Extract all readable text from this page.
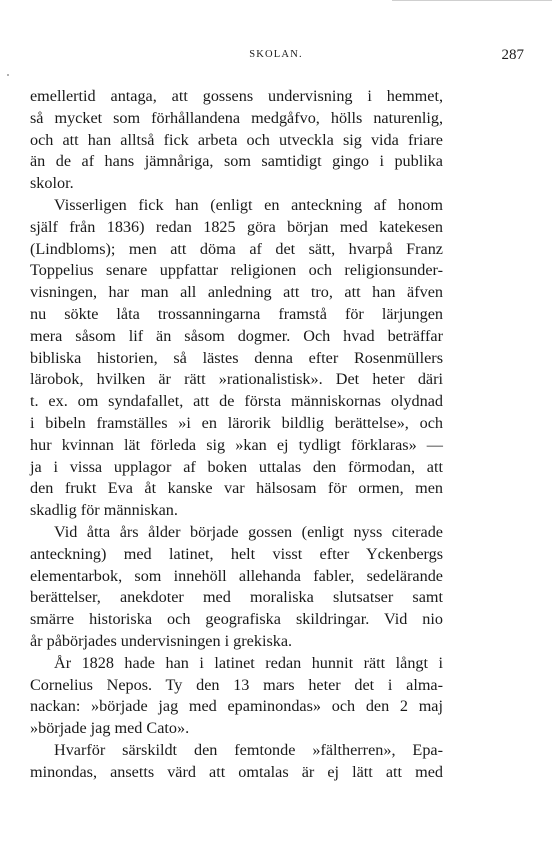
SKOLAN.	287
emellertid antaga, att gossens undervisning i hemmet,
så mycket som förhållandena medgåfvo, hölls naturenlig,
och att han alltså fick arbeta och utveckla sig vida friare
än de af hans jämnåriga, som samtidigt gingo i publika
skolor.
Visserligen fick han (enligt en anteckning af honom
själf från 1836) redan 1825 göra början med katekesen
(Lindbloms); men att döma af det sätt, hvarpå Franz
Toppelius senare uppfattar religionen och religionsunder-
visningen, har man all anledning att tro, att han äfven
nu sökte låta trossanningarna framstå för lärjungen
mera såsom lif än såsom dogmer. Och hvad beträffar
bibliska historien, så lästes denna efter Rosenmüllers
lärobok, hvilken är rätt »rationalistisk». Det heter däri
t. ex. om syndafallet, att de första människornas olydnad
i bibeln framställes »i en lärorik bildlig berättelse», och
hur kvinnan lät förleda sig »kan ej tydligt förklaras» —
ja i vissa upplagor af boken uttalas den förmodan, att
den frukt Eva åt kanske var hälsosam för ormen, men
skadlig för människan.
Vid åtta års ålder började gossen (enligt nyss citerade
anteckning) med latinet, helt visst efter Yckenbergs
elementarbok, som innehöll allehanda fabler, sedelärande
berättelser, anekdoter med moraliska slutsatser samt
smärre historiska och geografiska skildringar. Vid nio
år påbörjades undervisningen i grekiska.
År 1828 hade han i latinet redan hunnit rätt långt i
Cornelius Nepos. Ty den 13 mars heter det i alma-
nackan: »började jag med epaminondas» och den 2 maj
»började jag med Cato».
Hvarför särskildt den femtonde »fältherren», Epa-
minondas, ansetts värd att omtalas är ej lätt att med
